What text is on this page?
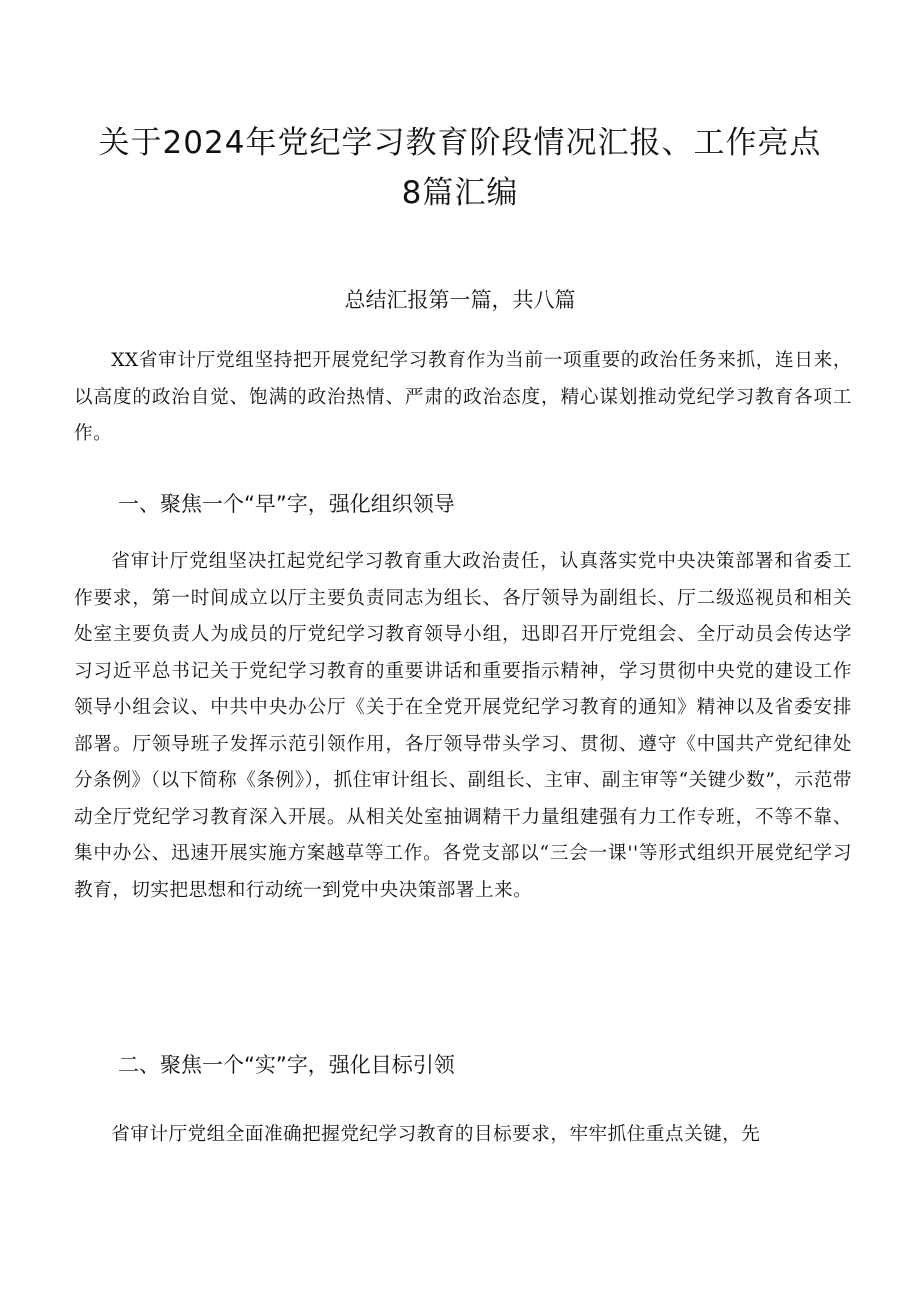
关于2024年党纪学习教育阶段情况汇报、工作亮点
8篇汇编
总结汇报第一篇，共八篇

XX省审计厅党组坚持把开展党纪学习教育作为当前一项重要的政治任务来抓，连日来，以高度的政治自觉、饱满的政治热情、严肃的政治态度，精心谋划推动党纪学习教育各项工作。

一、聚焦一个“早”字，强化组织领导

省审计厅党组坚决扛起党纪学习教育重大政治责任，认真落实党中央决策部署和省委工作要求，第一时间成立以厅主要负责同志为组长、各厅领导为副组长、厅二级巡视员和相关处室主要负责人为成员的厅党纪学习教育领导小组，迅即召开厅党组会、全厅动员会传达学习习近平总书记关于党纪学习教育的重要讲话和重要指示精神，学习贯彻中央党的建设工作领导小组会议、中共中央办公厅《关于在全党开展党纪学习教育的通知》精神以及省委安排部署。厅领导班子发挥示范引领作用，各厅领导带头学习、贯彻、遵守《中国共产党纪律处分条例》（以下简称《条例》），抓住审计组长、副组长、主审、副主审等“关键少数”，示范带动全厅党纪学习教育深入开展。从相关处室抽调精干力量组建强有力工作专班，不等不靠、集中办公、迅速开展实施方案越草等工作。各党支部以“三会一课''等形式组织开展党纪学习教育，切实把思想和行动统一到党中央决策部署上来。

二、聚焦一个“实”字，强化目标引领

省审计厅党组全面准确把握党纪学习教育的目标要求，牢牢抓住重点关键，先
